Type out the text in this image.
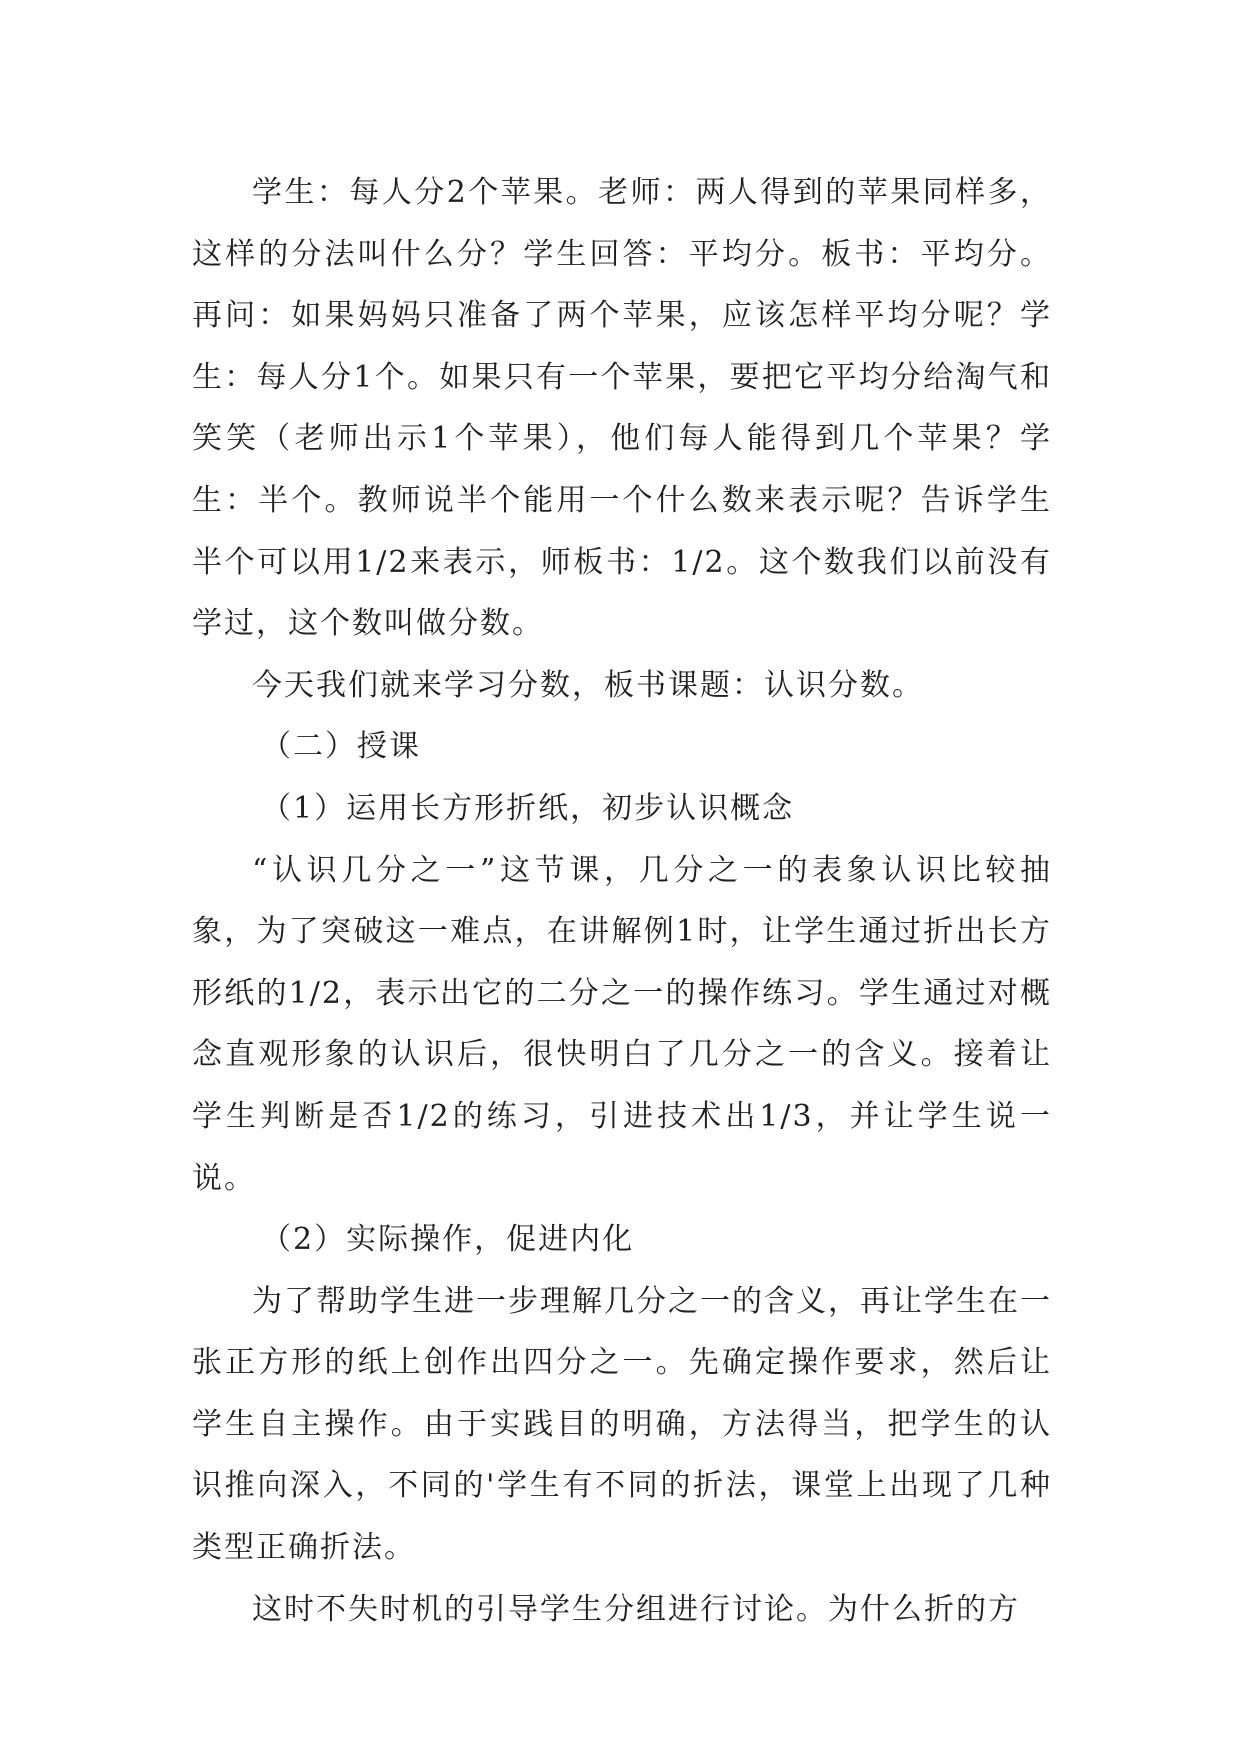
学生：每人分2个苹果。老师：两人得到的苹果同样多，这样的分法叫什么分？学生回答：平均分。板书：平均分。再问：如果妈妈只准备了两个苹果，应该怎样平均分呢？学生：每人分1个。如果只有一个苹果，要把它平均分给淘气和笑笑（老师出示1个苹果），他们每人能得到几个苹果？学生：半个。教师说半个能用一个什么数来表示呢？告诉学生半个可以用1/2来表示，师板书：1/2。这个数我们以前没有学过，这个数叫做分数。

今天我们就来学习分数，板书课题：认识分数。

（二）授课

（1）运用长方形折纸，初步认识概念

“认识几分之一”这节课，几分之一的表象认识比较抽象，为了突破这一难点，在讲解例1时，让学生通过折出长方形纸的1/2，表示出它的二分之一的操作练习。学生通过对概念直观形象的认识后，很快明白了几分之一的含义。接着让学生判断是否1/2的练习，引进技术出1/3，并让学生说一说。

（2）实际操作，促进内化

为了帮助学生进一步理解几分之一的含义，再让学生在一张正方形的纸上创作出四分之一。先确定操作要求，然后让学生自主操作。由于实践目的明确，方法得当，把学生的认识推向深入，不同的'学生有不同的折法，课堂上出现了几种类型正确折法。

这时不失时机的引导学生分组进行讨论。为什么折的方
